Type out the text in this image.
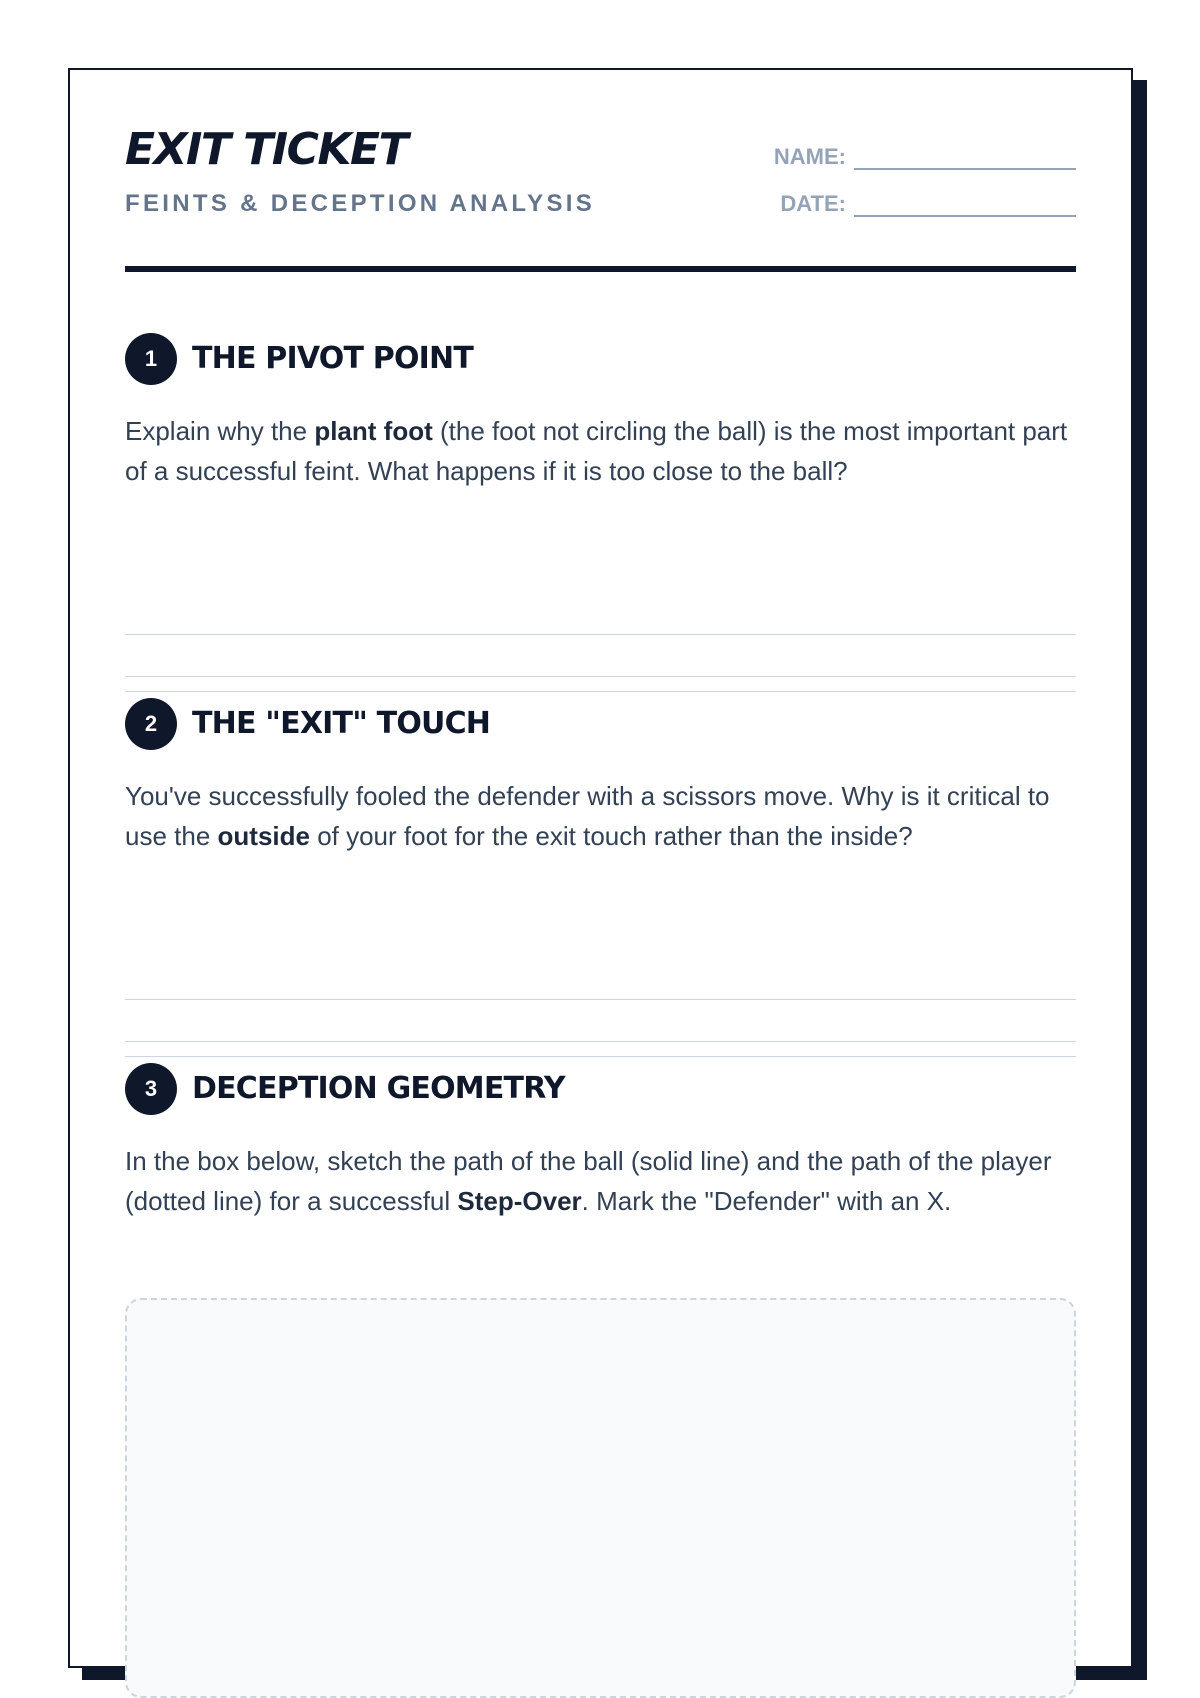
EXIT TICKET
FEINTS & DECEPTION ANALYSIS
NAME:
DATE:
1	THE PIVOT POINT

Explain why the plant foot (the foot not circling the ball) is the most important part of a successful feint. What happens if it is too close to the ball?

2	THE "EXIT" TOUCH

You've successfully fooled the defender with a scissors move. Why is it critical to use the outside of your foot for the exit touch rather than the inside?

3	DECEPTION GEOMETRY

In the box below, sketch the path of the ball (solid line) and the path of the player (dotted line) for a successful Step-Over. Mark the "Defender" with an X.
